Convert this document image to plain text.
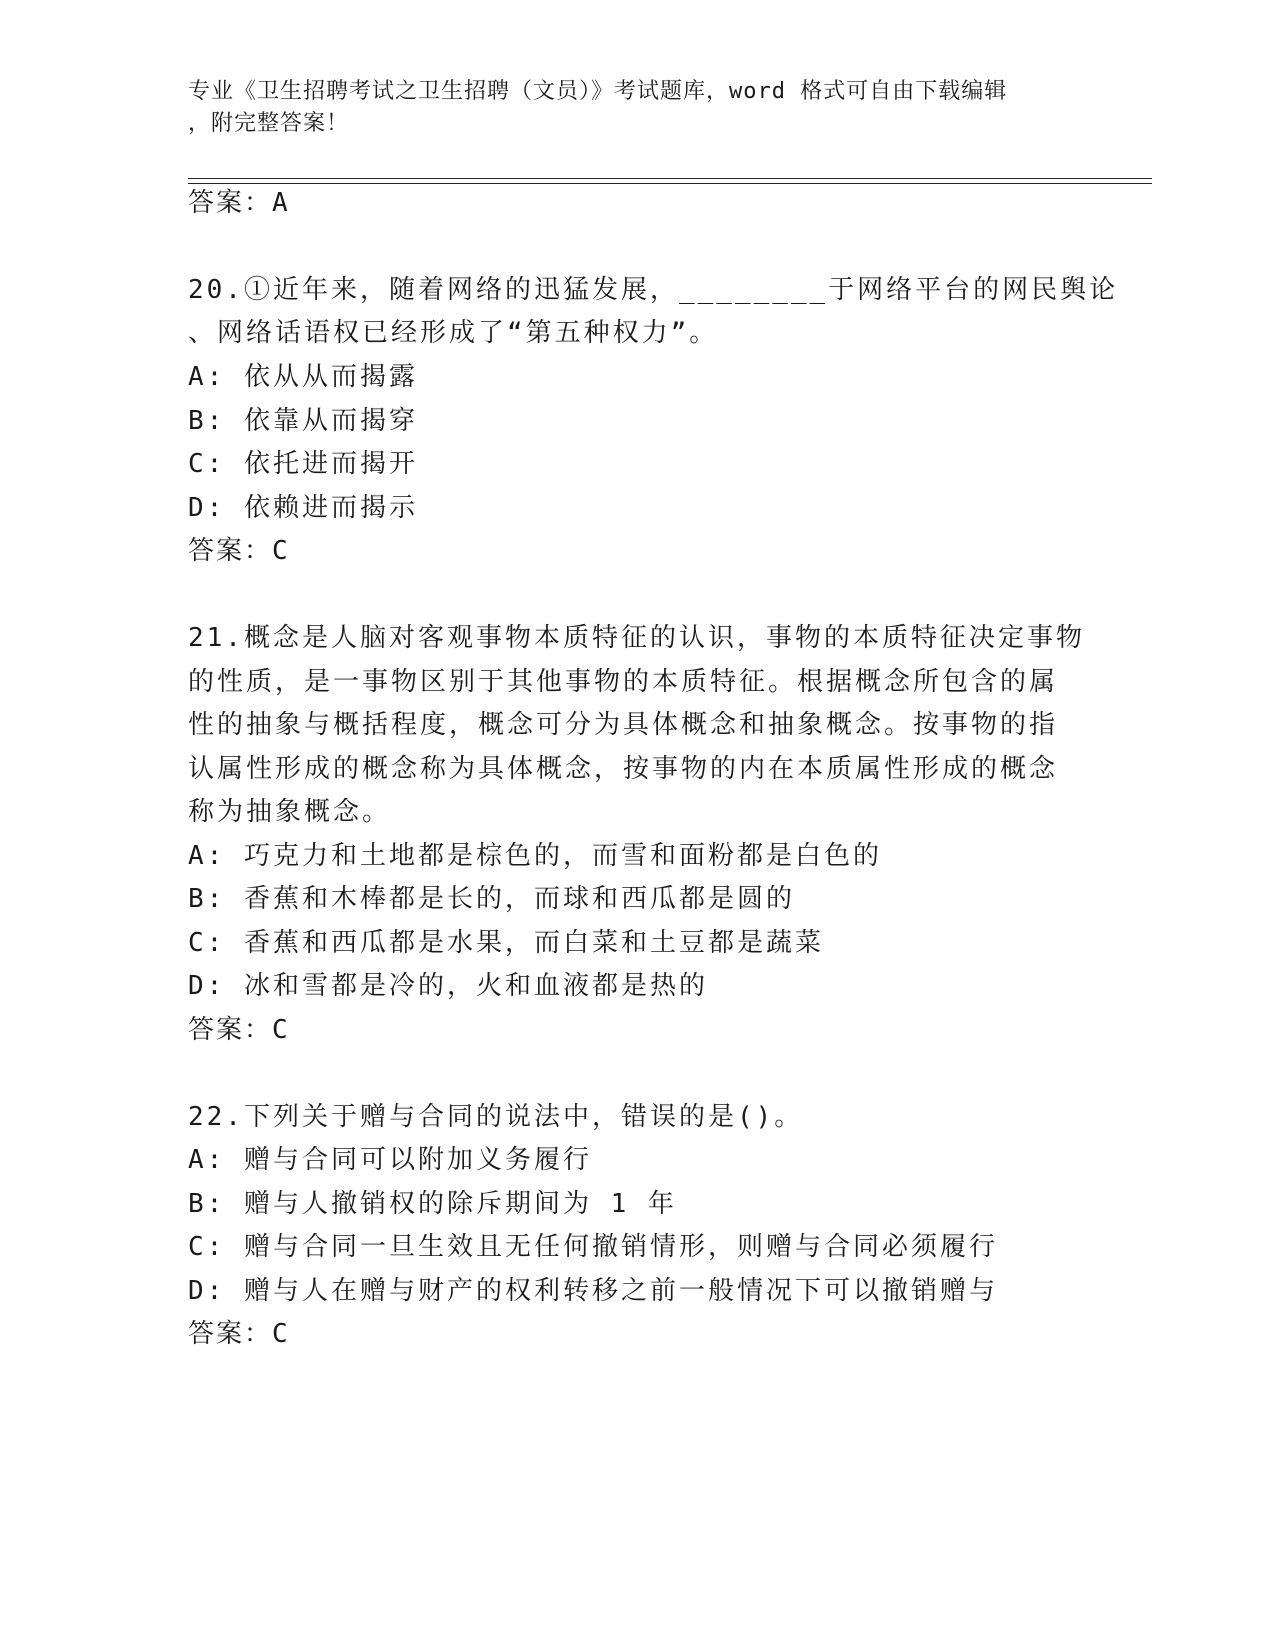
专业《卫生招聘考试之卫生招聘（文员）》考试题库，word 格式可自由下载编辑
，附完整答案！
答案：A
20.①近年来，随着网络的迅猛发展，________于网络平台的网民舆论
、网络话语权已经形成了“第五种权力”。
A: 依从从而揭露
B: 依靠从而揭穿
C: 依托进而揭开
D: 依赖进而揭示
答案：C
21.概念是人脑对客观事物本质特征的认识，事物的本质特征决定事物
的性质，是一事物区别于其他事物的本质特征。根据概念所包含的属
性的抽象与概括程度，概念可分为具体概念和抽象概念。按事物的指
认属性形成的概念称为具体概念，按事物的内在本质属性形成的概念
称为抽象概念。
A: 巧克力和土地都是棕色的，而雪和面粉都是白色的
B: 香蕉和木棒都是长的，而球和西瓜都是圆的
C: 香蕉和西瓜都是水果，而白菜和土豆都是蔬菜
D: 冰和雪都是冷的，火和血液都是热的
答案：C
22.下列关于赠与合同的说法中，错误的是()。
A: 赠与合同可以附加义务履行
B: 赠与人撤销权的除斥期间为 1 年
C: 赠与合同一旦生效且无任何撤销情形，则赠与合同必须履行
D: 赠与人在赠与财产的权利转移之前一般情况下可以撤销赠与
答案：C
